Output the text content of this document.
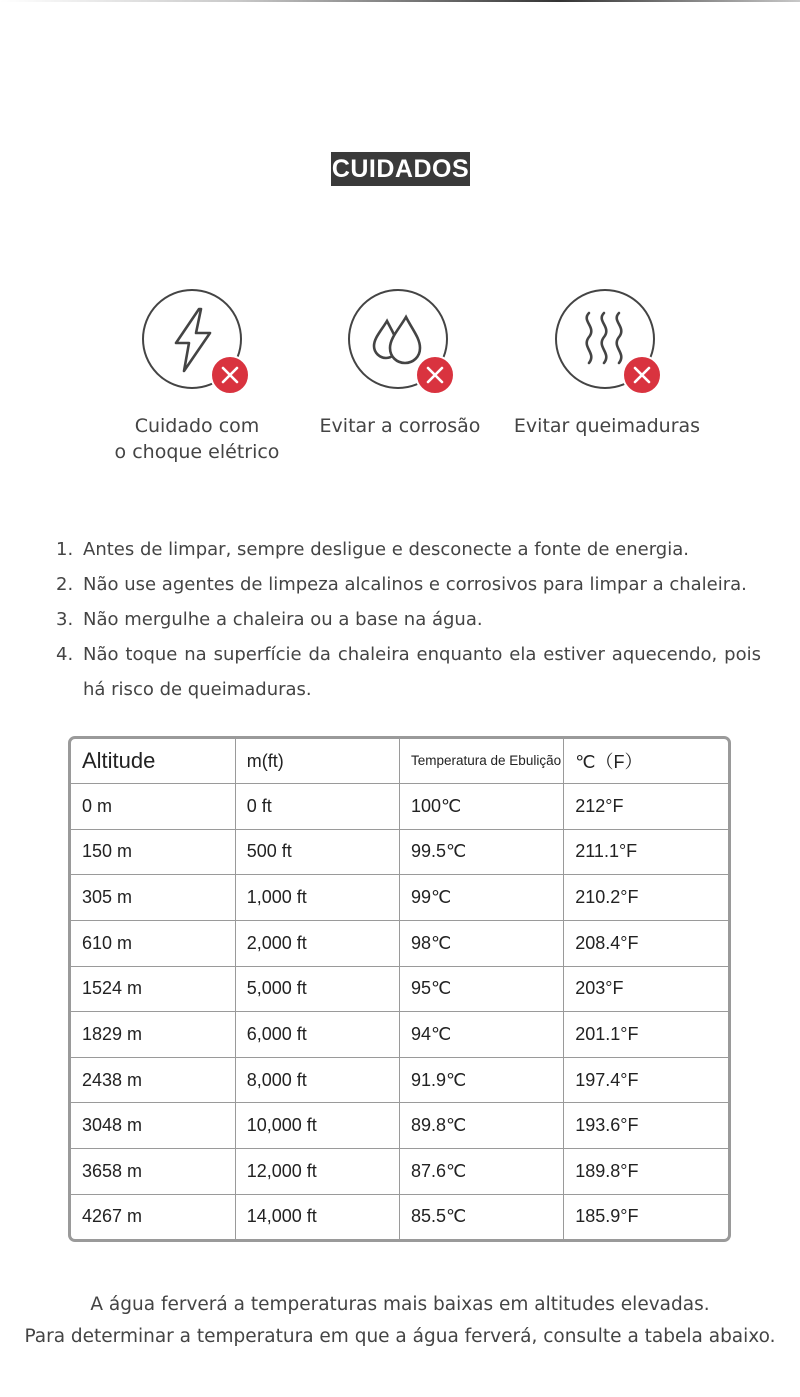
CUIDADOS
Cuidado com
o choque elétrico
Evitar a corrosão	Evitar queimaduras
1. Antes de limpar, sempre desligue e desconecte a fonte de energia.
2. Não use agentes de limpeza alcalinos e corrosivos para limpar a chaleira.
3. Não mergulhe a chaleira ou a base na água.
4. Não toque na superfície da chaleira enquanto ela estiver aquecendo, pois há risco de queimaduras.
Altitude	m(ft)	Temperatura de Ebulição	℃（F）
0 m	0 ft	100℃	212°F
150 m	500 ft	99.5℃	211.1°F
305 m	1,000 ft	99℃	210.2°F
610 m	2,000 ft	98℃	208.4°F
1524 m	5,000 ft	95℃	203°F
1829 m	6,000 ft	94℃	201.1°F
2438 m	8,000 ft	91.9℃	197.4°F
3048 m	10,000 ft	89.8℃	193.6°F
3658 m	12,000 ft	87.6℃	189.8°F
4267 m	14,000 ft	85.5℃	185.9°F
A água ferverá a temperaturas mais baixas em altitudes elevadas.
Para determinar a temperatura em que a água ferverá, consulte a tabela abaixo.
